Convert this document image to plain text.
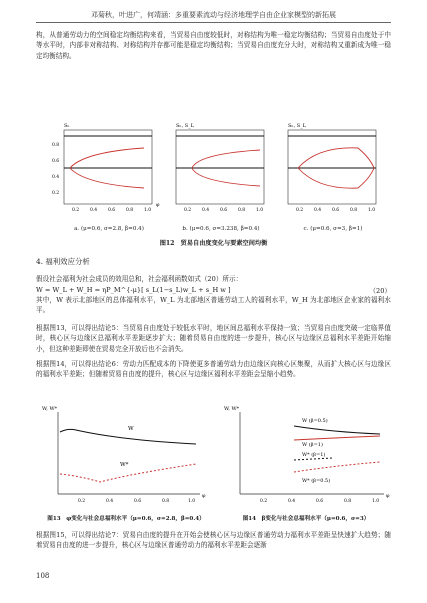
邓菊秋，叶进广，何靖涵：多重要素流动与经济地理学自由企业家模型的新拓展

构，从普通劳动力的空间稳定均衡结构来看，当贸易自由度较低时，对称结构为唯一稳定均衡结构；当贸易自由度处于中等水平时，内部非对称结构、对称结构并存都可能是稳定均衡结构；当贸易自由度充分大时，对称结构又重新成为唯一稳定均衡结构。

Sₙ
0.8
0.6
0.4
0.2
0.2 0.4 0.6 0.8 1.0
φ
Sₙ, S_L
0.2 0.4 0.6 0.8 1.0
Sₙ, S_L
0.2 0.4 0.6 0.8 1.0
a. (μ=0.6, σ=2.8, β=0.4)	b. (μ=0.6, σ=3.238, β=0.4)	c. (μ=0.6, σ=3, β=1)
图12　贸易自由度变化与要素空间均衡
4. 福利效应分析
假设社会福利为社会成员的效用总和，社会福利函数如式（20）所示：
W = W_L + W_H = ηP_M^{-μ}[ s_L(1−s_L)w_L + s_H w ]	（20）

其中，W 表示北部地区的总体福利水平，W_L 为北部地区普通劳动工人的福利水平，W_H 为北部地区企业家的福利水平。

根据图13，可以得出结论5：当贸易自由度处于较低水平时，地区间总福利水平保持一致；当贸易自由度突破一定临界值时，核心区与边缘区总福利水平差距逐步扩大；随着贸易自由度的进一步提升，核心区与边缘区总福利水平差距开始缩小，但这种差距即使在贸易完全开放后也不会消失。

根据图14，可以得出结论6：劳动力匹配成本的下降使更多普通劳动力由边缘区向核心区集聚，从而扩大核心区与边缘区的福利水平差距；但随着贸易自由度的提升，核心区与边缘区福利水平差距会呈缩小趋势。

W, W*
W
W*
0.2	0.4	0.6	0.8	1.0
φ
W, W*
W (β=0.5)
W (β=1)
W* (β=1)
W* (β=0.5)
0.2	0.4	0.6	0.8	1.0
φ
图13　φ变化与社会总福利水平（μ=0.6，σ=2.8，β=0.4）	图14　β变化与社会总福利水平（μ=0.6，σ=3）

根据图15，可以得出结论7：贸易自由度的提升在开始会使核心区与边缘区普通劳动力福利水平差距呈快速扩大趋势；随着贸易自由度的进一步提升，核心区与边缘区普通劳动力的福利水平差距会逐渐

108
